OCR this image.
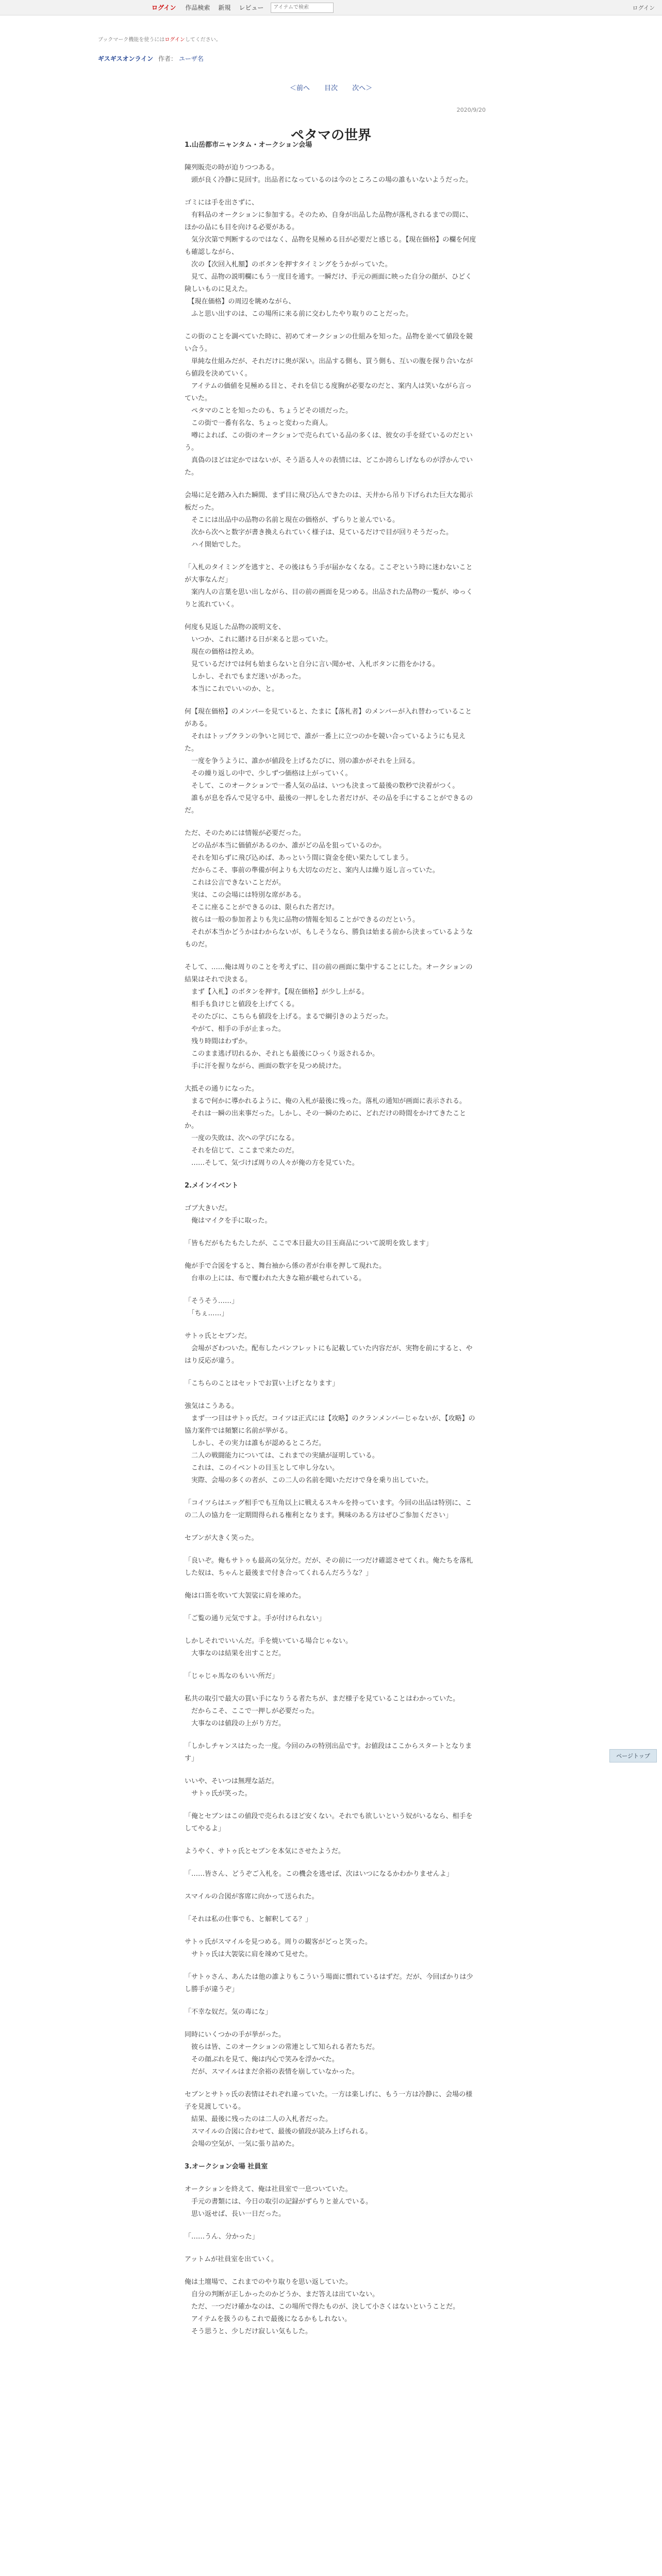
ログイン 作品検索 新規 レビュー
アイテムで検索	ログイン
ブックマーク機能を使うにはログインしてください。
ギスギスオンライン 作者： ユーザ名
＜前へ 目次 次へ＞
2020/9/20
ペタマの世界

1.山岳都市ニャンタム・オークション会場

陳列販売の時が迫りつつある。
　頭が良く冷静に見回す。出品者になっているのは今のところこの場の誰もいないようだった。

ゴミには手を出さずに、
　有料品のオークションに参加する。そのため、自身が出品した品物が落札されるまでの間に、ほかの品にも目を向ける必要がある。
　気分次第で判断するのではなく、品物を見極める目が必要だと感じる。【現在価格】の欄を何度も確認しながら、
　次の【次回入札額】のボタンを押すタイミングをうかがっていた。
　見て、品物の説明欄にもう一度目を通す。一瞬だけ、手元の画面に映った自分の顔が、ひどく険しいものに見えた。
　【現在価格】の周辺を眺めながら、
　ふと思い出すのは、この場所に来る前に交わしたやり取りのことだった。

この街のことを調べていた時に、初めてオークションの仕組みを知った。品物を並べて値段を競い合う。
　単純な仕組みだが、それだけに奥が深い。出品する側も、買う側も、互いの腹を探り合いながら値段を決めていく。
　アイテムの価値を見極める目と、それを信じる度胸が必要なのだと、案内人は笑いながら言っていた。
　ペタマのことを知ったのも、ちょうどその頃だった。
　この街で一番有名な、ちょっと変わった商人。
　噂によれば、この街のオークションで売られている品の多くは、彼女の手を経ているのだという。
　真偽のほどは定かではないが、そう語る人々の表情には、どこか誇らしげなものが浮かんでいた。

会場に足を踏み入れた瞬間、まず目に飛び込んできたのは、天井から吊り下げられた巨大な掲示板だった。
　そこには出品中の品物の名前と現在の価格が、ずらりと並んでいる。
　次から次へと数字が書き換えられていく様子は、見ているだけで目が回りそうだった。
　ハイ開始でした。

「入札のタイミングを逃すと、その後はもう手が届かなくなる。ここぞという時に迷わないことが大事なんだ」
　案内人の言葉を思い出しながら、目の前の画面を見つめる。出品された品物の一覧が、ゆっくりと流れていく。

何度も見返した品物の説明文を、
　いつか、これに賭ける日が来ると思っていた。
　現在の価格は控えめ。
　見ているだけでは何も始まらないと自分に言い聞かせ、入札ボタンに指をかける。
　しかし、それでもまだ迷いがあった。
　本当にこれでいいのか、と。

何【現在価格】のメンバーを見ていると、たまに【落札者】のメンバーが入れ替わっていることがある。
　それはトップクランの争いと同じで、誰が一番上に立つのかを競い合っているようにも見えた。
　一度を争うように、誰かが値段を上げるたびに、別の誰かがそれを上回る。
　その繰り返しの中で、少しずつ価格は上がっていく。
　そして、このオークションで一番人気の品は、いつも決まって最後の数秒で決着がつく。
　誰もが息を呑んで見守る中、最後の一押しをした者だけが、その品を手にすることができるのだ。

ただ、そのためには情報が必要だった。
　どの品が本当に価値があるのか、誰がどの品を狙っているのか。
　それを知らずに飛び込めば、あっという間に資金を使い果たしてしまう。
　だからこそ、事前の準備が何よりも大切なのだと、案内人は繰り返し言っていた。
　これは公言できないことだが。
　実は、この会場には特別な席がある。
　そこに座ることができるのは、限られた者だけ。
　彼らは一般の参加者よりも先に品物の情報を知ることができるのだという。
　それが本当かどうかはわからないが、もしそうなら、勝負は始まる前から決まっているようなものだ。

そして、……俺は周りのことを考えずに、目の前の画面に集中することにした。オークションの結果はそれで決まる。
　まず【入札】のボタンを押す。【現在価格】が少し上がる。
　相手も負けじと値段を上げてくる。
　そのたびに、こちらも値段を上げる。まるで綱引きのようだった。
　やがて、相手の手が止まった。
　残り時間はわずか。
　このまま逃げ切れるか、それとも最後にひっくり返されるか。
　手に汗を握りながら、画面の数字を見つめ続けた。

大抵その通りになった。
　まるで何かに導かれるように、俺の入札が最後に残った。落札の通知が画面に表示される。
　それは一瞬の出来事だった。しかし、その一瞬のために、どれだけの時間をかけてきたことか。
　一度の失敗は、次への学びになる。
　それを信じて、ここまで来たのだ。
　……そして、気づけば周りの人々が俺の方を見ていた。

2.メインイベント

ゴブ大きいだ。
　俺はマイクを手に取った。

「皆もだがもたもたしたが、ここで本日最大の目玉商品について説明を致します」

俺が手で合図をすると、舞台袖から係の者が台車を押して現れた。
　台車の上には、布で覆われた大きな箱が載せられている。

「そうそう……」
　「ちぇ……」

サトゥ氏とセブンだ。
　会場がざわついた。配布したパンフレットにも記載していた内容だが、実物を前にすると、やはり反応が違う。

「こちらのことはセットでお買い上げとなります」

強気はこうある。
　まず一つ目はサトゥ氏だ。コイツは正式には【攻略】のクランメンバーじゃないが、【攻略】の協力案件では頻繁に名前が挙がる。
　しかし、その実力は誰もが認めるところだ。
　二人の戦闘能力については、これまでの実績が証明している。
　これは、このイベントの目玉として申し分ない。
　実際、会場の多くの者が、この二人の名前を聞いただけで身を乗り出していた。

「コイツらはエッグ相手でも互角以上に戦えるスキルを持っています。今回の出品は特別に、この二人の協力を一定期間得られる権利となります。興味のある方はぜひご参加ください」

セブンが大きく笑った。

「良いぞ。俺もサトゥも最高の気分だ。だが、その前に一つだけ確認させてくれ。俺たちを落札した奴は、ちゃんと最後まで付き合ってくれるんだろうな？」

俺は口笛を吹いて大袈裟に肩を竦めた。

「ご覧の通り元気ですよ。手が付けられない」

しかしそれでいいんだ。手を焼いている場合じゃない。
　大事なのは結果を出すことだ。

「じゃじゃ馬なのもいい所だ」

私共の取引で最大の買い手になりうる者たちが、まだ様子を見ていることはわかっていた。
　だからこそ、ここで一押しが必要だった。
　大事なのは値段の上がり方だ。

「しかしチャンスはたった一度。今回のみの特別出品です。お値段はここからスタートとなります」

いいや、そいつは無理な話だ。
　サトゥ氏が笑った。

「俺とセブンはこの値段で売られるほど安くない。それでも欲しいという奴がいるなら、相手をしてやるよ」

ようやく、サトゥ氏とセブンを本気にさせたようだ。

「……皆さん、どうぞご入札を。この機会を逃せば、次はいつになるかわかりませんよ」

スマイルの合図が客席に向かって送られた。

「それは私の仕事でも、と解釈してる？」

サトゥ氏がスマイルを見つめる。周りの観客がどっと笑った。
　サトゥ氏は大袈裟に肩を竦めて見せた。

「サトゥさん、あんたは他の誰よりもこういう場面に慣れているはずだ。だが、今回ばかりは少し勝手が違うぞ」

「不幸な奴だ。気の毒にな」

同時にいくつかの手が挙がった。
　彼らは皆、このオークションの常連として知られる者たちだ。
　その顔ぶれを見て、俺は内心で笑みを浮かべた。
　だが、スマイルはまだ余裕の表情を崩していなかった。

セブンとサトゥ氏の表情はそれぞれ違っていた。一方は楽しげに、もう一方は冷静に、会場の様子を見渡している。
　結果、最後に残ったのは二人の入札者だった。
　スマイルの合図に合わせて、最後の値段が読み上げられる。
　会場の空気が、一気に張り詰めた。

3.オークション会場 社員室

オークションを終えて、俺は社員室で一息ついていた。
　手元の書類には、今日の取引の記録がずらりと並んでいる。
　思い返せば、長い一日だった。

「……うん、分かった」

アットムが社員室を出ていく。

俺は土壇場で、これまでのやり取りを思い返していた。
　自分の判断が正しかったのかどうか、まだ答えは出ていない。
　ただ、一つだけ確かなのは、この場所で得たものが、決して小さくはないということだ。
　アイテムを扱うのもこれで最後になるかもしれない。
　そう思うと、少しだけ寂しい気もした。

ページトップ
